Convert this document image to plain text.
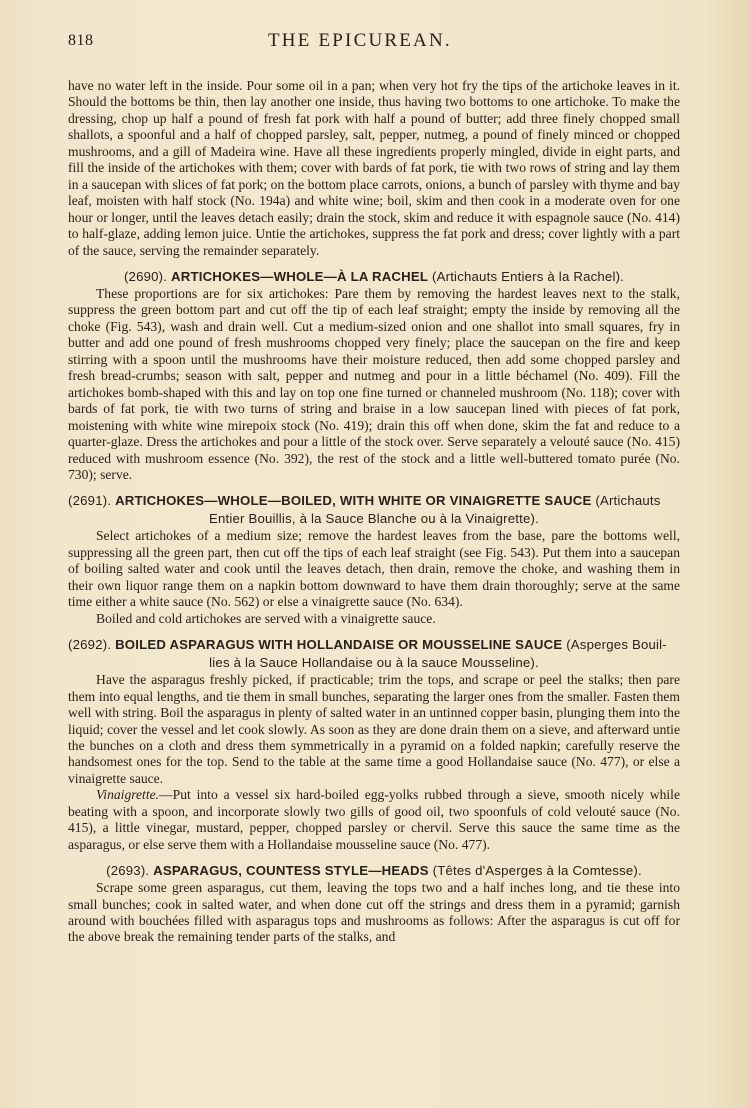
818	THE EPICUREAN.

have no water left in the inside. Pour some oil in a pan; when very hot fry the tips of the artichoke leaves in it. Should the bottoms be thin, then lay another one inside, thus having two bottoms to one artichoke. To make the dressing, chop up half a pound of fresh fat pork with half a pound of butter; add three finely chopped small shallots, a spoonful and a half of chopped parsley, salt, pepper, nutmeg, a pound of finely minced or chopped mushrooms, and a gill of Madeira wine. Have all these ingredients properly mingled, divide in eight parts, and fill the inside of the artichokes with them; cover with bards of fat pork, tie with two rows of string and lay them in a saucepan with slices of fat pork; on the bottom place carrots, onions, a bunch of parsley with thyme and bay leaf, moisten with half stock (No. 194a) and white wine; boil, skim and then cook in a moderate oven for one hour or longer, until the leaves detach easily; drain the stock, skim and reduce it with espagnole sauce (No. 414) to half-glaze, adding lemon juice. Untie the artichokes, suppress the fat pork and dress; cover lightly with a part of the sauce, serving the remainder separately.

(2690). ARTICHOKES—WHOLE—À LA RACHEL (Artichauts Entiers à la Rachel).

These proportions are for six artichokes: Pare them by removing the hardest leaves next to the stalk, suppress the green bottom part and cut off the tip of each leaf straight; empty the inside by removing all the choke (Fig. 543), wash and drain well. Cut a medium-sized onion and one shallot into small squares, fry in butter and add one pound of fresh mushrooms chopped very finely; place the saucepan on the fire and keep stirring with a spoon until the mushrooms have their moisture reduced, then add some chopped parsley and fresh bread-crumbs; season with salt, pepper and nutmeg and pour in a little béchamel (No. 409). Fill the artichokes bomb-shaped with this and lay on top one fine turned or channeled mushroom (No. 118); cover with bards of fat pork, tie with two turns of string and braise in a low saucepan lined with pieces of fat pork, moistening with white wine mirepoix stock (No. 419); drain this off when done, skim the fat and reduce to a quarter-glaze. Dress the artichokes and pour a little of the stock over. Serve separately a velouté sauce (No. 415) reduced with mushroom essence (No. 392), the rest of the stock and a little well-buttered tomato purée (No. 730); serve.

(2691). ARTICHOKES—WHOLE—BOILED, WITH WHITE OR VINAIGRETTE SAUCE (Artichauts
Entier Bouillis, à la Sauce Blanche ou à la Vinaigrette).

Select artichokes of a medium size; remove the hardest leaves from the base, pare the bottoms well, suppressing all the green part, then cut off the tips of each leaf straight (see Fig. 543). Put them into a saucepan of boiling salted water and cook until the leaves detach, then drain, remove the choke, and washing them in their own liquor range them on a napkin bottom downward to have them drain thoroughly; serve at the same time either a white sauce (No. 562) or else a vinaigrette sauce (No. 634).

Boiled and cold artichokes are served with a vinaigrette sauce.

(2692). BOILED ASPARAGUS WITH HOLLANDAISE OR MOUSSELINE SAUCE (Asperges Bouil-
lies à la Sauce Hollandaise ou à la sauce Mousseline).

Have the asparagus freshly picked, if practicable; trim the tops, and scrape or peel the stalks; then pare them into equal lengths, and tie them in small bunches, separating the larger ones from the smaller. Fasten them well with string. Boil the asparagus in plenty of salted water in an untinned copper basin, plunging them into the liquid; cover the vessel and let cook slowly. As soon as they are done drain them on a sieve, and afterward untie the bunches on a cloth and dress them symmetrically in a pyramid on a folded napkin; carefully reserve the handsomest ones for the top. Send to the table at the same time a good Hollandaise sauce (No. 477), or else a vinaigrette sauce.

Vinaigrette.—Put into a vessel six hard-boiled egg-yolks rubbed through a sieve, smooth nicely while beating with a spoon, and incorporate slowly two gills of good oil, two spoonfuls of cold velouté sauce (No. 415), a little vinegar, mustard, pepper, chopped parsley or chervil. Serve this sauce the same time as the asparagus, or else serve them with a Hollandaise mousseline sauce (No. 477).

(2693). ASPARAGUS, COUNTESS STYLE—HEADS (Têtes d'Asperges à la Comtesse).

Scrape some green asparagus, cut them, leaving the tops two and a half inches long, and tie these into small bunches; cook in salted water, and when done cut off the strings and dress them in a pyramid; garnish around with bouchées filled with asparagus tops and mushrooms as follows: After the asparagus is cut off for the above break the remaining tender parts of the stalks, and
